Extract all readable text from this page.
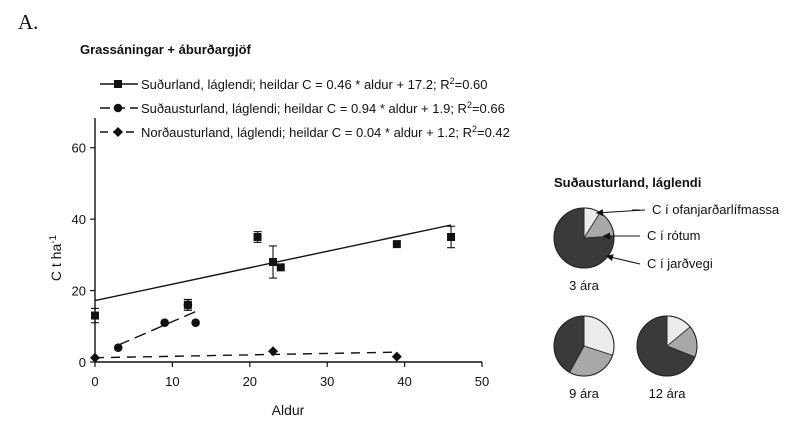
A.
Grassáningar + áburðargjöf
Suðurland, láglendi; heildar C = 0.46 * aldur + 17.2; $R^2=0.60$
Suðausturland, láglendi; heildar C = 0.94 * aldur + 1.9; $R^2=0.66$
Norðausturland, láglendi; heildar C = 0.04 * aldur + 1.2; $R^2=0.42$
0	10	20	30	40	50
0
20
40
60
Aldur
C t $ha^{-1}$
Suðausturland, láglendi
3 ára
9 ára	12 ára
C í ofanjarðarlífmassa
C í rótum
C í jarðvegi
